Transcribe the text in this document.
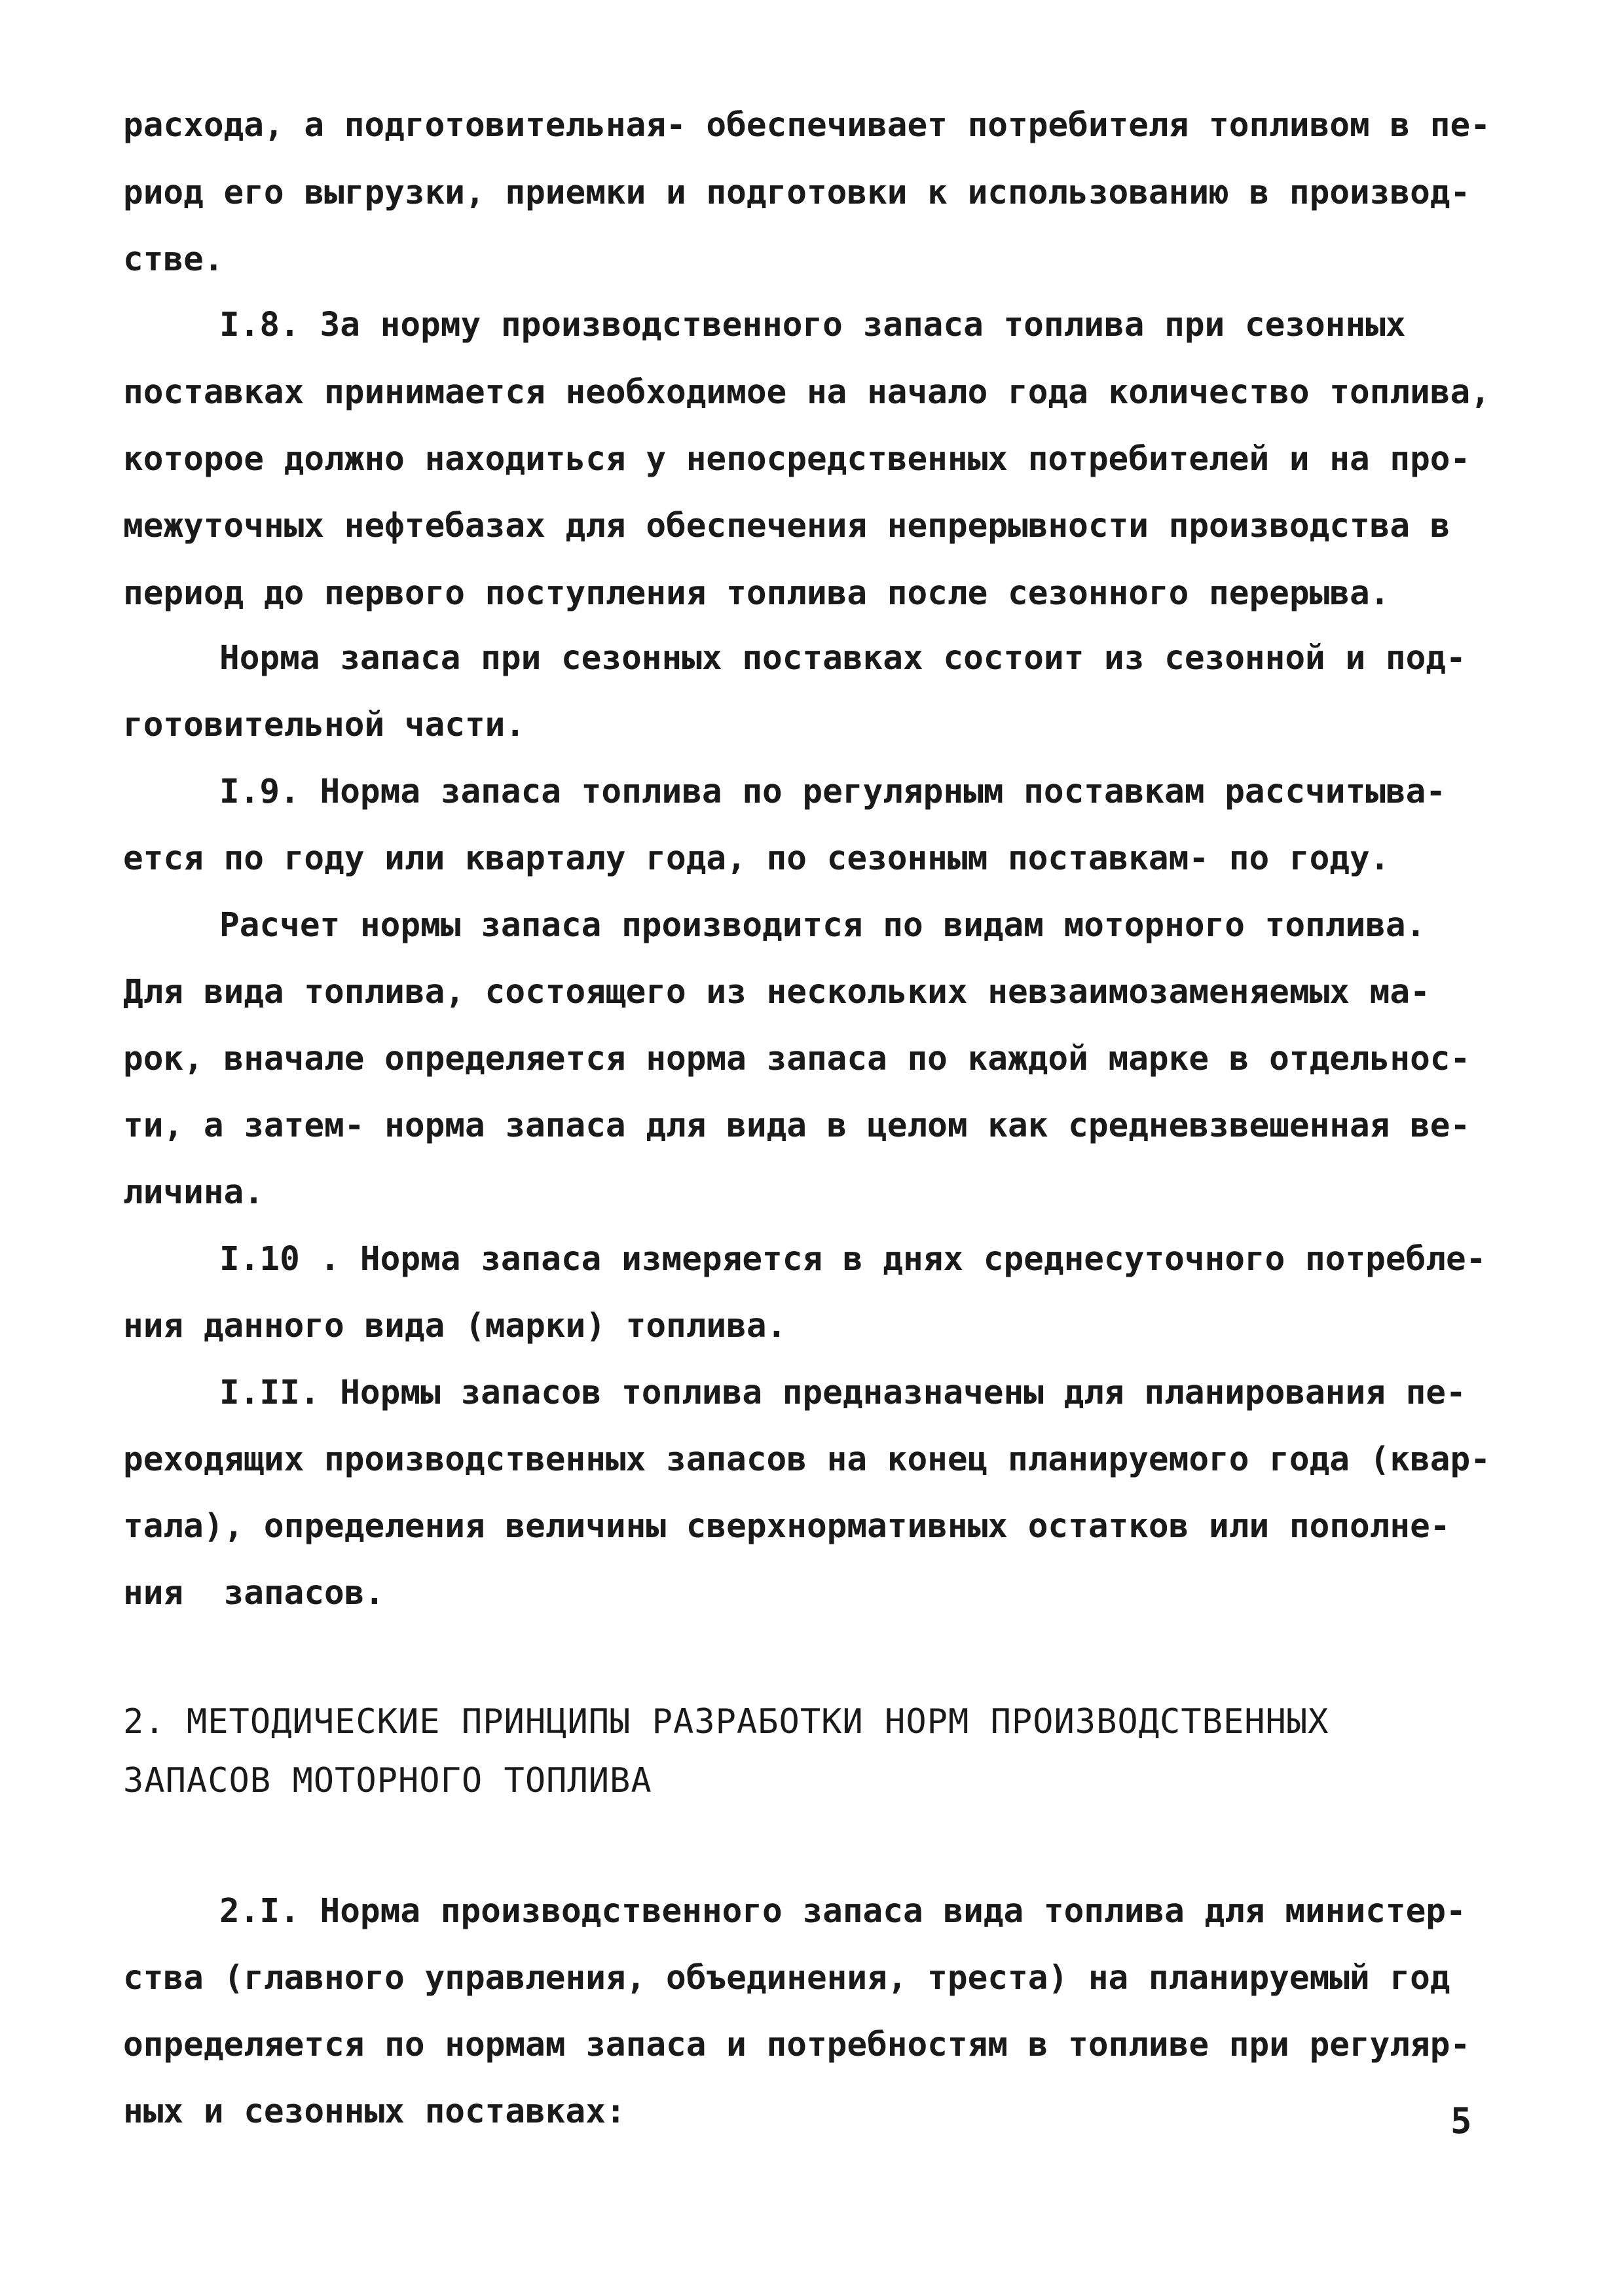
расхода, а подготовительная- обеспечивает потребителя топливом в пе-
риод его выгрузки, приемки и подготовки к использованию в производ-
стве.
I.8. За норму производственного запаса топлива при сезонных
поставках принимается необходимое на начало года количество топлива,
которое должно находиться у непосредственных потребителей и на про-
межуточных нефтебазах для обеспечения непрерывности производства в
период до первого поступления топлива после сезонного перерыва.
Норма запаса при сезонных поставках состоит из сезонной и под-
готовительной части.
I.9. Норма запаса топлива по регулярным поставкам рассчитыва-
ется по году или кварталу года, по сезонным поставкам- по году.
Расчет нормы запаса производится по видам моторного топлива.
Для вида топлива, состоящего из нескольких невзаимозаменяемых ма-
рок, вначале определяется норма запаса по каждой марке в отдельнос-
ти, а затем- норма запаса для вида в целом как средневзвешенная ве-
личина.
I.10 . Норма запаса измеряется в днях среднесуточного потребле-
ния данного вида (марки) топлива.
I.II. Нормы запасов топлива предназначены для планирования пе-
реходящих производственных запасов на конец планируемого года (квар-
тала), определения величины сверхнормативных остатков или пополне-
ния  запасов.
2. МЕТОДИЧЕСКИЕ ПРИНЦИПЫ РАЗРАБОТКИ НОРМ ПРОИЗВОДСТВЕННЫХ
ЗАПАСОВ МОТОРНОГО ТОПЛИВА
2.I. Норма производственного запаса вида топлива для министер-
ства (главного управления, объединения, треста) на планируемый год
определяется по нормам запаса и потребностям в топливе при регуляр-
ных и сезонных поставках:	5
